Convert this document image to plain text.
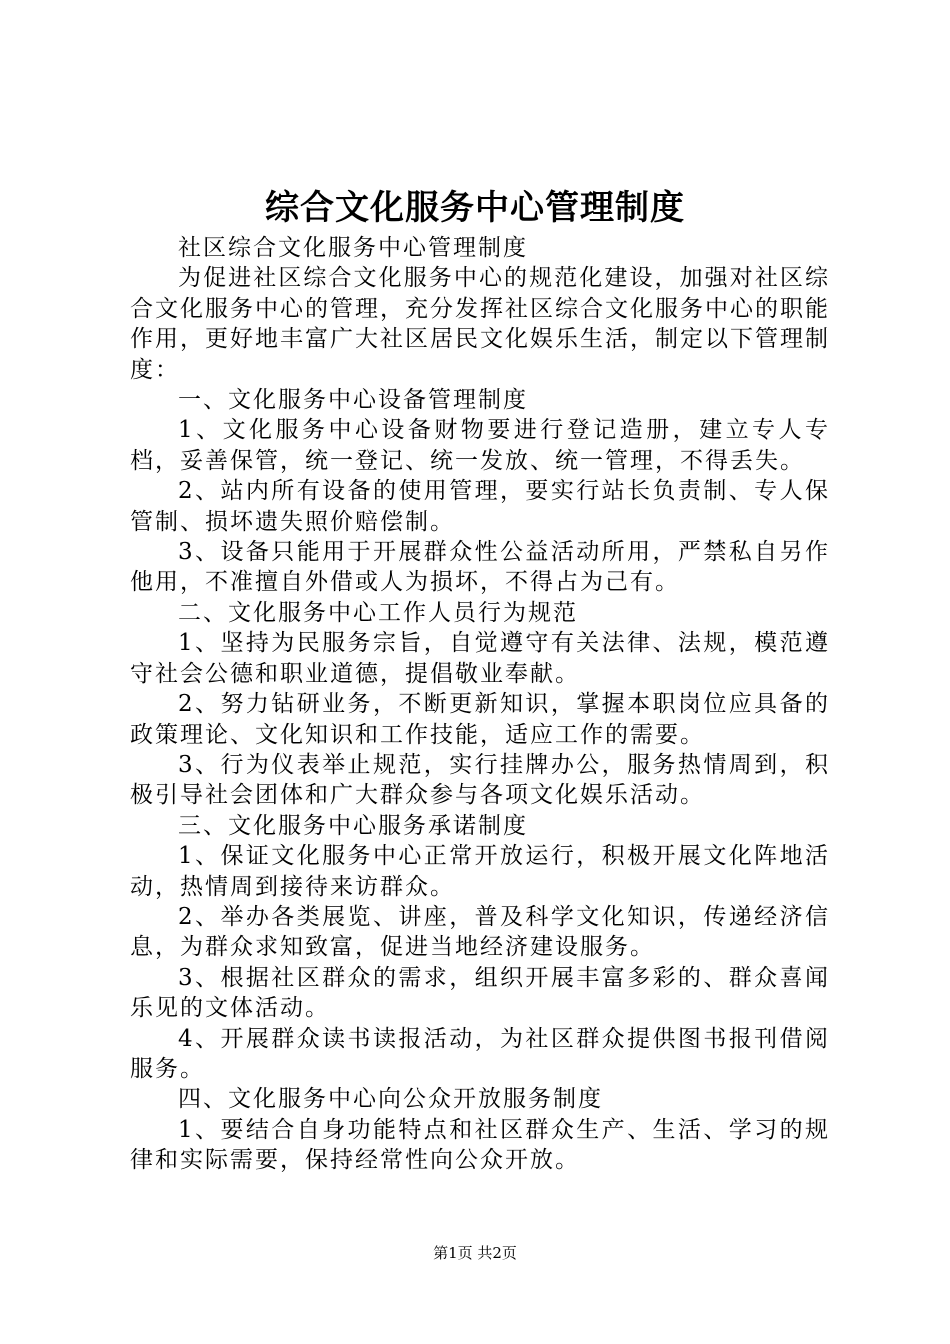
综合文化服务中心管理制度

社区综合文化服务中心管理制度

为促进社区综合文化服务中心的规范化建设，加强对社区综合文化服务中心的管理，充分发挥社区综合文化服务中心的职能作用，更好地丰富广大社区居民文化娱乐生活，制定以下管理制度：

一、文化服务中心设备管理制度

1、文化服务中心设备财物要进行登记造册，建立专人专档，妥善保管，统一登记、统一发放、统一管理，不得丢失。

2、站内所有设备的使用管理，要实行站长负责制、专人保管制、损坏遗失照价赔偿制。

3、设备只能用于开展群众性公益活动所用，严禁私自另作他用，不准擅自外借或人为损坏，不得占为己有。

二、文化服务中心工作人员行为规范

1、坚持为民服务宗旨，自觉遵守有关法律、法规，模范遵守社会公德和职业道德，提倡敬业奉献。

2、努力钻研业务，不断更新知识，掌握本职岗位应具备的政策理论、文化知识和工作技能，适应工作的需要。

3、行为仪表举止规范，实行挂牌办公，服务热情周到，积极引导社会团体和广大群众参与各项文化娱乐活动。

三、文化服务中心服务承诺制度

1、保证文化服务中心正常开放运行，积极开展文化阵地活动，热情周到接待来访群众。

2、举办各类展览、讲座，普及科学文化知识，传递经济信息，为群众求知致富，促进当地经济建设服务。

3、根据社区群众的需求，组织开展丰富多彩的、群众喜闻乐见的文体活动。

4、开展群众读书读报活动，为社区群众提供图书报刊借阅服务。

四、文化服务中心向公众开放服务制度

1、要结合自身功能特点和社区群众生产、生活、学习的规律和实际需要，保持经常性向公众开放。

第1页 共2页
